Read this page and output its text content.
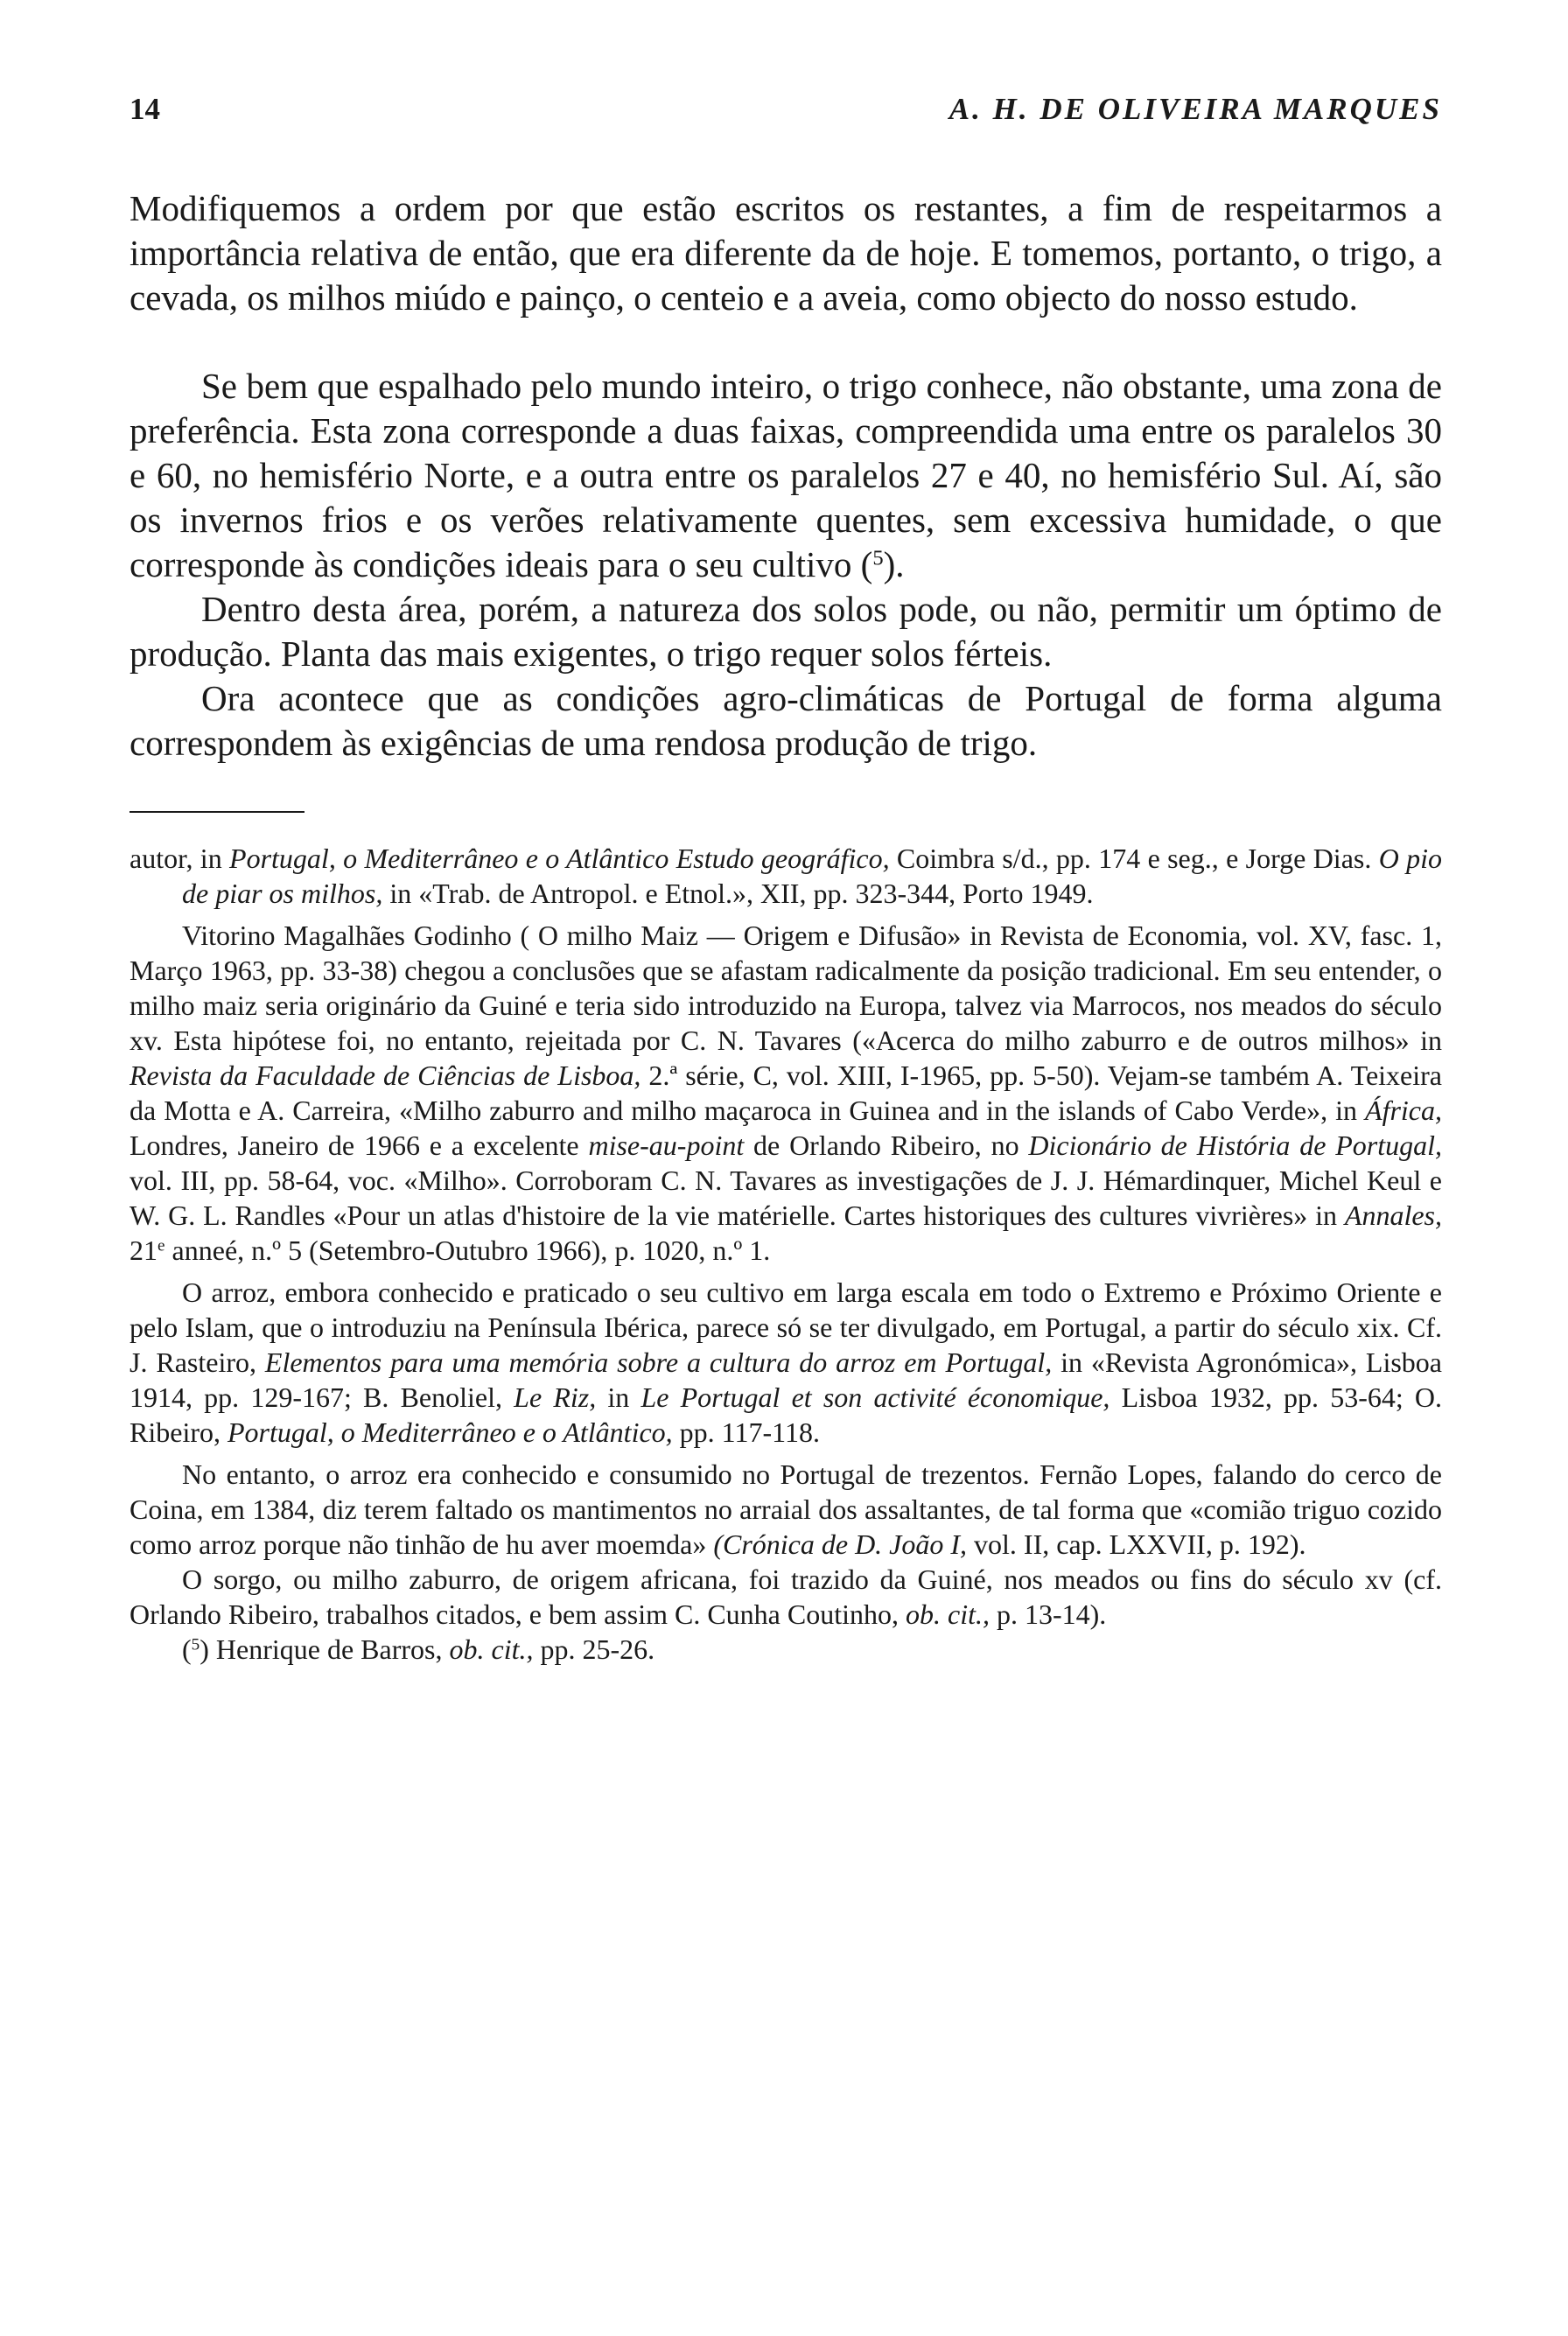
14	A. H. DE OLIVEIRA MARQUES

Modifiquemos a ordem por que estão escritos os restantes, a fim de respeitarmos a importância relativa de então, que era diferente da de hoje. E tomemos, portanto, o trigo, a cevada, os milhos miúdo e painço, o centeio e a aveia, como objecto do nosso estudo.

Se bem que espalhado pelo mundo inteiro, o trigo conhece, não obstante, uma zona de preferência. Esta zona corresponde a duas faixas, compreendida uma entre os paralelos 30 e 60, no hemisfério Norte, e a outra entre os paralelos 27 e 40, no hemisfério Sul. Aí, são os invernos frios e os verões relativamente quentes, sem excessiva humidade, o que corresponde às condições ideais para o seu cultivo ($^5$).

Dentro desta área, porém, a natureza dos solos pode, ou não, permitir um óptimo de produção. Planta das mais exigentes, o trigo requer solos férteis.

Ora acontece que as condições agro-climáticas de Portugal de forma alguma correspondem às exigências de uma rendosa produção de trigo.

autor, in Portugal, o Mediterrâneo e o Atlântico Estudo geográfico, Coimbra s/d., pp. 174 e seg., e Jorge Dias. O pio de piar os milhos, in «Trab. de Antropol. e Etnol.», XII, pp. 323-344, Porto 1949.

Vitorino Magalhães Godinho ( O milho Maiz — Origem e Difusão» in Revista de Economia, vol. XV, fasc. 1, Março 1963, pp. 33-38) chegou a conclusões que se afastam radicalmente da posição tradicional. Em seu entender, o milho maiz seria originário da Guiné e teria sido introduzido na Europa, talvez via Marrocos, nos meados do século xv. Esta hipótese foi, no entanto, rejeitada por C. N. Tavares («Acerca do milho zaburro e de outros milhos» in Revista da Faculdade de Ciências de Lisboa, 2.ª série, C, vol. XIII, I-1965, pp. 5-50). Vejam-se também A. Teixeira da Motta e A. Carreira, «Milho zaburro and milho maçaroca in Guinea and in the islands of Cabo Verde», in África, Londres, Janeiro de 1966 e a excelente mise-au-point de Orlando Ribeiro, no Dicionário de História de Portugal, vol. III, pp. 58-64, voc. «Milho». Corroboram C. N. Tavares as investigações de J. J. Hémardinquer, Michel Keul e W. G. L. Randles «Pour un atlas d'histoire de la vie matérielle. Cartes historiques des cultures vivrières» in Annales, 21e anneé, n.º 5 (Setembro-Outubro 1966), p. 1020, n.º 1.

O arroz, embora conhecido e praticado o seu cultivo em larga escala em todo o Extremo e Próximo Oriente e pelo Islam, que o introduziu na Península Ibérica, parece só se ter divulgado, em Portugal, a partir do século xix. Cf. J. Rasteiro, Elementos para uma memória sobre a cultura do arroz em Portugal, in «Revista Agronómica», Lisboa 1914, pp. 129-167; B. Benoliel, Le Riz, in Le Portugal et son activité économique, Lisboa 1932, pp. 53-64; O. Ribeiro, Portugal, o Mediterrâneo e o Atlântico, pp. 117-118.

No entanto, o arroz era conhecido e consumido no Portugal de trezentos. Fernão Lopes, falando do cerco de Coina, em 1384, diz terem faltado os mantimentos no arraial dos assaltantes, de tal forma que «comião triguo cozido como arroz porque não tinhão de hu aver moemda» (Crónica de D. João I, vol. II, cap. LXXVII, p. 192).

O sorgo, ou milho zaburro, de origem africana, foi trazido da Guiné, nos meados ou fins do século xv (cf. Orlando Ribeiro, trabalhos citados, e bem assim C. Cunha Coutinho, ob. cit., p. 13-14).

($^5$) Henrique de Barros, ob. cit., pp. 25-26.
